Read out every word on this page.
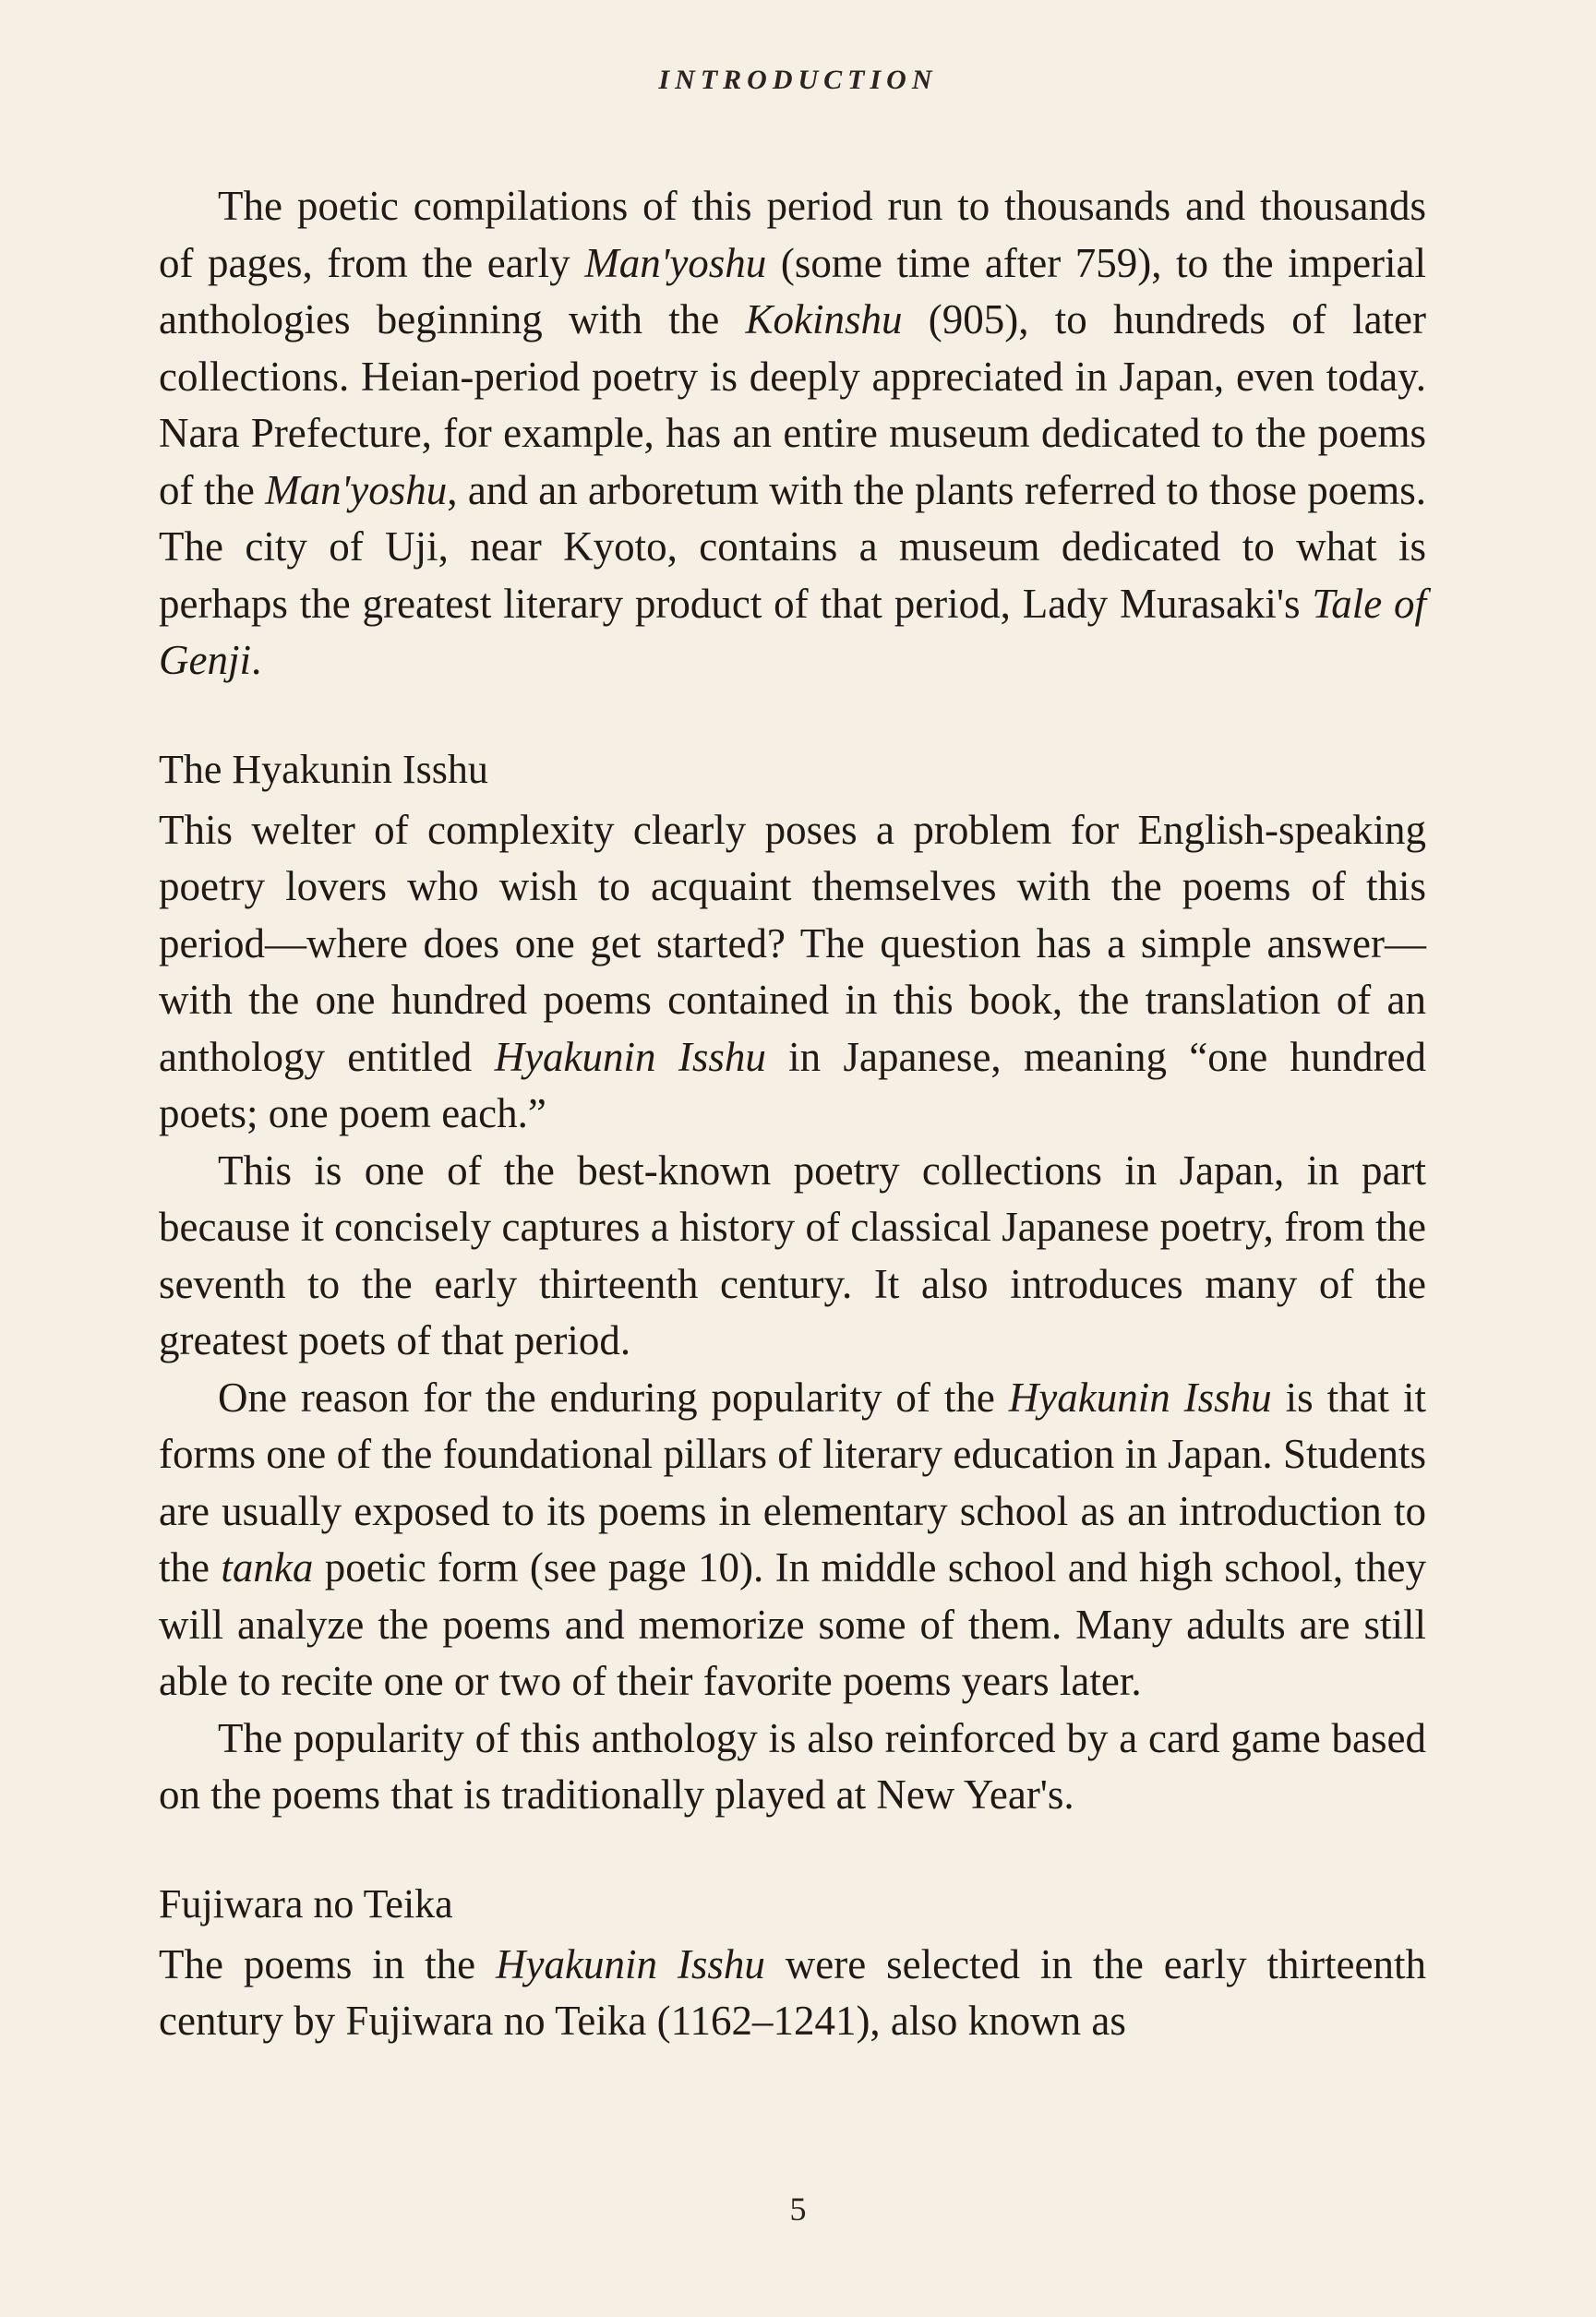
INTRODUCTION

The poetic compilations of this period run to thousands and thousands of pages, from the early Man'yoshu (some time after 759), to the imperial anthologies beginning with the Kokinshu (905), to hundreds of later collections. Heian-period poetry is deeply appreciated in Japan, even today. Nara Prefecture, for example, has an entire museum dedicated to the poems of the Man'yoshu, and an arboretum with the plants referred to those poems. The city of Uji, near Kyoto, contains a museum dedicated to what is perhaps the greatest literary product of that period, Lady Murasaki's Tale of Genji.

The Hyakunin Isshu

This welter of complexity clearly poses a problem for English-speaking poetry lovers who wish to acquaint themselves with the poems of this period—where does one get started? The question has a simple answer—with the one hundred poems contained in this book, the translation of an anthology entitled Hyakunin Isshu in Japanese, meaning “one hundred poets; one poem each.”

This is one of the best-known poetry collections in Japan, in part because it concisely captures a history of classical Japanese poetry, from the seventh to the early thirteenth century. It also introduces many of the greatest poets of that period.

One reason for the enduring popularity of the Hyakunin Isshu is that it forms one of the foundational pillars of literary education in Japan. Students are usually exposed to its poems in elementary school as an introduction to the tanka poetic form (see page 10). In middle school and high school, they will analyze the poems and memorize some of them. Many adults are still able to recite one or two of their favorite poems years later.

The popularity of this anthology is also reinforced by a card game based on the poems that is traditionally played at New Year's.

Fujiwara no Teika

The poems in the Hyakunin Isshu were selected in the early thirteenth century by Fujiwara no Teika (1162–1241), also known as

5
